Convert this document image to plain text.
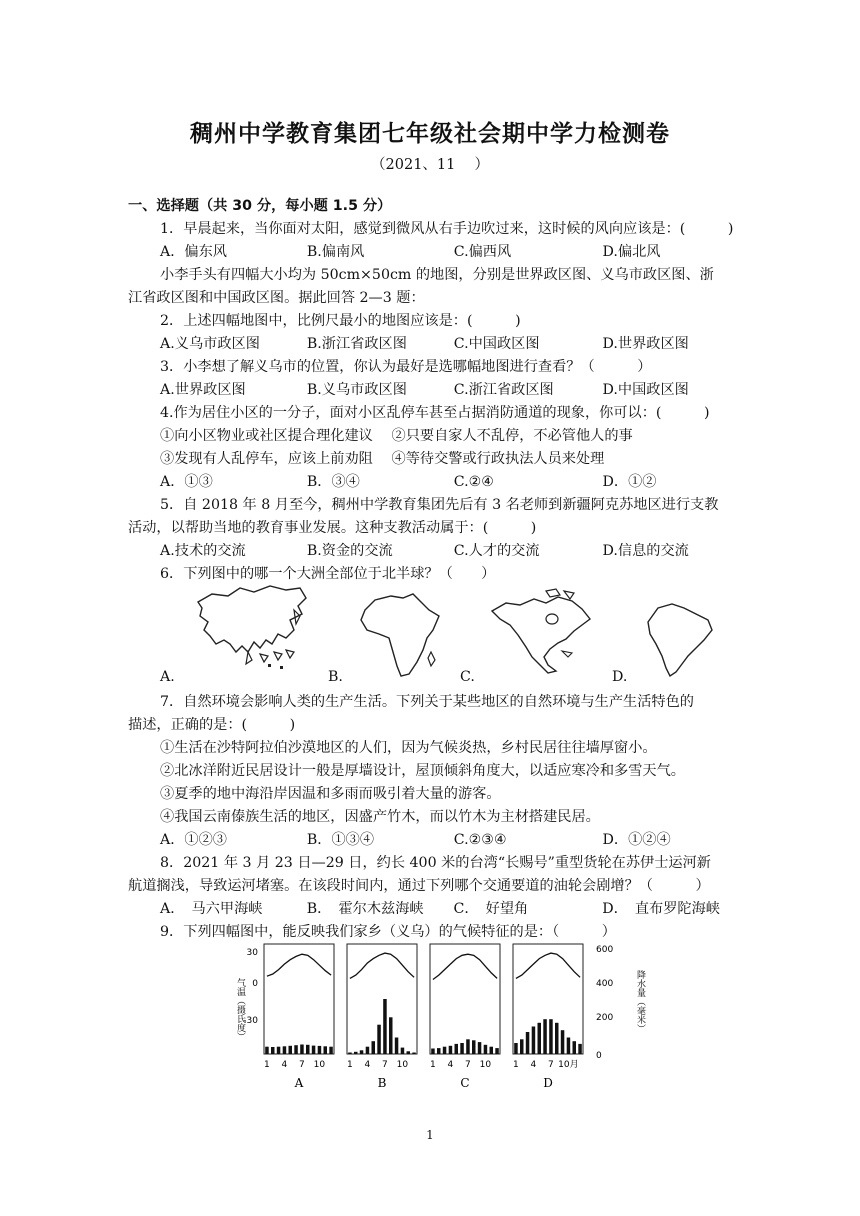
稠州中学教育集团七年级社会期中学力检测卷
（2021、11　 ）
一、选择题（共 30 分，每小题 1.5 分）
1．早晨起来，当你面对太阳，感觉到微风从右手边吹过来，这时候的风向应该是：(　　　)
A．偏东风	B.偏南风	C.偏西风	D.偏北风
小李手头有四幅大小均为 50cm×50cm 的地图，分别是世界政区图、义乌市政区图、浙
江省政区图和中国政区图。据此回答 2—3 题：
2．上述四幅地图中，比例尺最小的地图应该是：(　　　)
A.义乌市政区图	B.浙江省政区图	C.中国政区图	D.世界政区图
3．小李想了解义乌市的位置，你认为最好是选哪幅地图进行查看？（　　　）
A.世界政区图	B.义乌市政区图	C.浙江省政区图	D.中国政区图
4.作为居住小区的一分子，面对小区乱停车甚至占据消防通道的现象，你可以：(　　　)
①向小区物业或社区提合理化建议　 ②只要自家人不乱停，不必管他人的事
③发现有人乱停车，应该上前劝阻　 ④等待交警或行政执法人员来处理
A．①③	B．③④	C.②④	D．①②
5．自 2018 年 8 月至今，稠州中学教育集团先后有 3 名老师到新疆阿克苏地区进行支教
活动，以帮助当地的教育事业发展。这种支教活动属于：(　　　)
A.技术的交流	B.资金的交流	C.人才的交流	D.信息的交流
6．下列图中的哪一个大洲全部位于北半球？（　　）
A.	B.	C.	D.
7．自然环境会影响人类的生产生活。下列关于某些地区的自然环境与生产生活特色的
描述，正确的是：(　　　)
①生活在沙特阿拉伯沙漠地区的人们，因为气候炎热，乡村民居往往墙厚窗小。
②北冰洋附近民居设计一般是厚墙设计，屋顶倾斜角度大，以适应寒冷和多雪天气。
③夏季的地中海沿岸因温和多雨而吸引着大量的游客。
④我国云南傣族生活的地区，因盛产竹木，而以竹木为主材搭建民居。
A．①②③	B．①③④	C.②③④	D．①②④
8．2021 年 3 月 23 日—29 日，约长 400 米的台湾“长赐号”重型货轮在苏伊士运河新
航道搁浅，导致运河堵塞。在该段时间内，通过下列哪个交通要道的油轮会剧增？（　　　）
A．　马六甲海峡	B．　霍尔木兹海峡	C．　好望角	D．　直布罗陀海峡
9．下列四幅图中，能反映我们家乡（义乌）的气候特征的是：（　　　）
气温（摄氏度）
30
0
-30	降水量（毫米）
600
400
200
0
1 4 7 10
A
1 4 7 10
B
1 4 7 10
C
1 4 7 10月
D
1
